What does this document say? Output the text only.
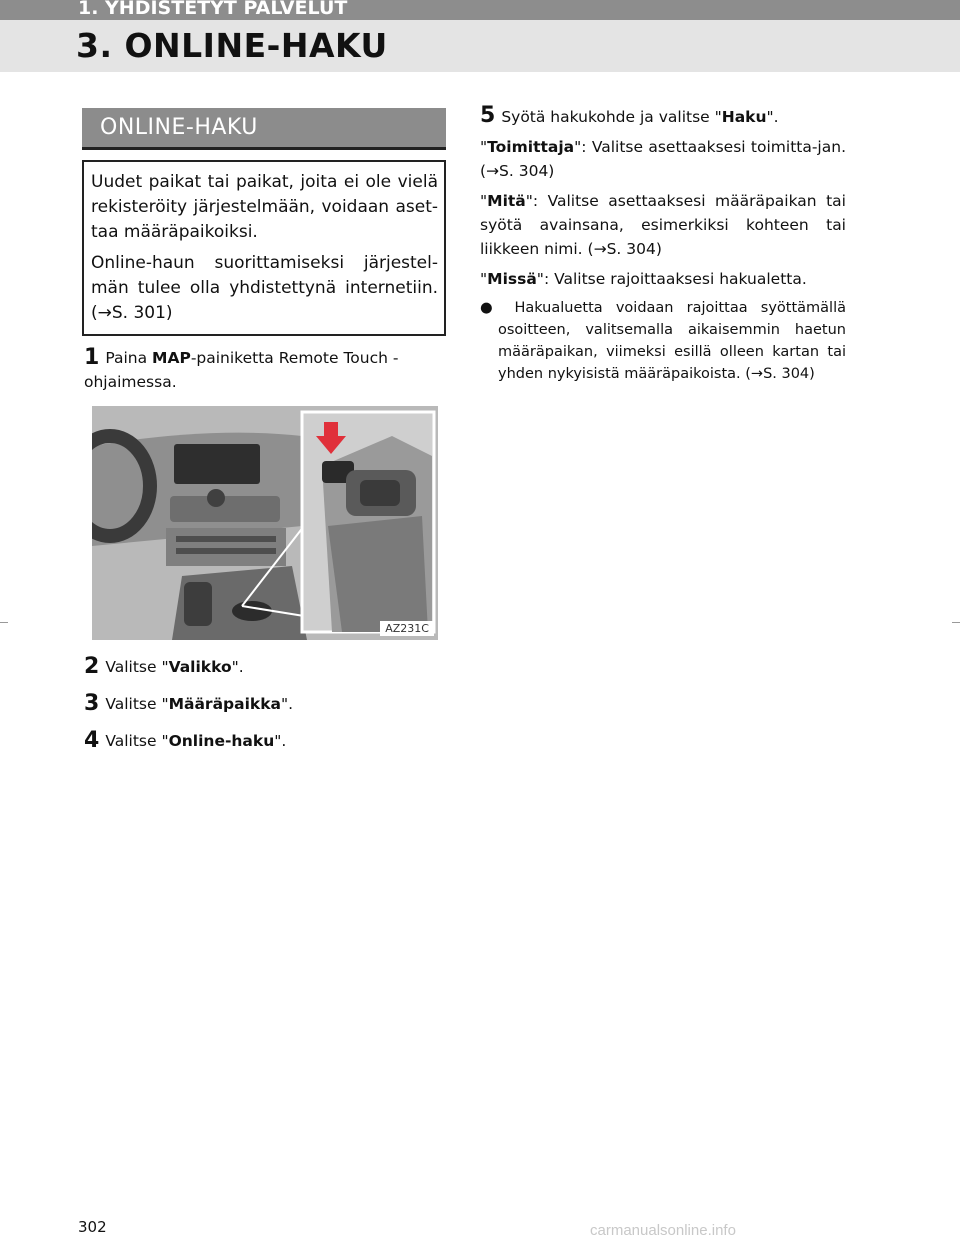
1. YHDISTETYT PALVELUT
3. ONLINE-HAKU
ONLINE-HAKU

Uudet paikat tai paikat, joita ei ole vielä rekisteröity järjestelmään, voidaan aset-taa määräpaikoiksi.

Online-haun suorittamiseksi järjestel-män tulee olla yhdistettynä internetiin. (→S. 301)

1 Paina MAP-painiketta Remote Touch -ohjaimessa.
AZ231C
2 Valitse "Valikko".
3 Valitse "Määräpaikka".
4 Valitse "Online-haku".

5 Syötä hakukohde ja valitse "Haku".

"Toimittaja": Valitse asettaaksesi toimitta-jan. (→S. 304)

"Mitä": Valitse asettaaksesi määräpaikan tai syötä avainsana, esimerkiksi kohteen tai liikkeen nimi. (→S. 304)

"Missä": Valitse rajoittaaksesi hakualetta.

● Hakualuetta voidaan rajoittaa syöttämällä osoitteen, valitsemalla aikaisemmin haetun määräpaikan, viimeksi esillä olleen kartan tai yhden nykyisistä määräpaikoista. (→S. 304)

302	carmanualsonline.info
